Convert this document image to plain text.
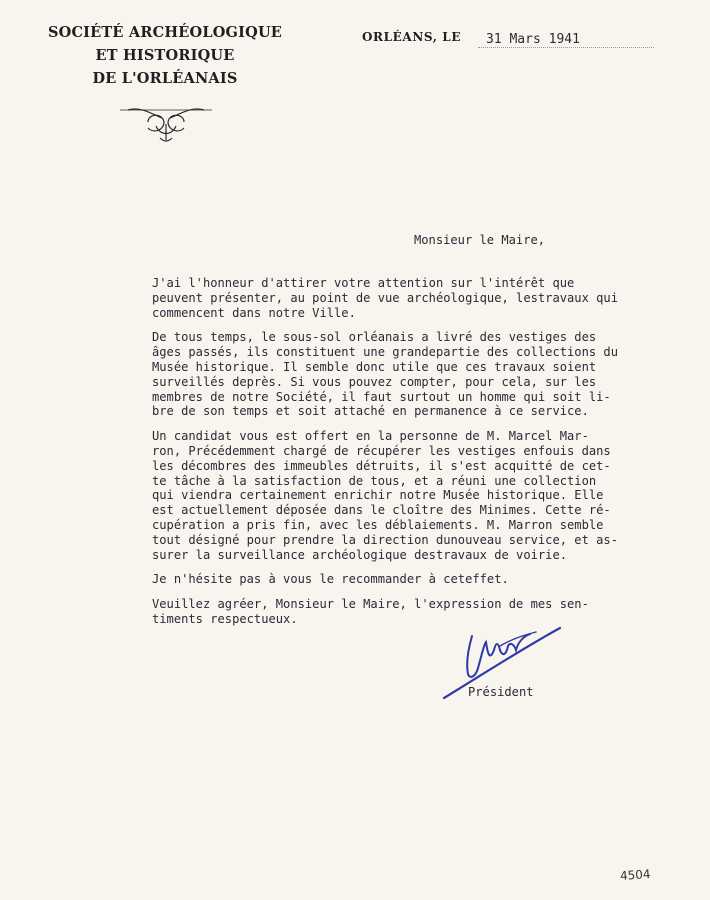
SOCIÉTÉ ARCHÉOLOGIQUE
ET HISTORIQUE
DE L'ORLÉANAIS
ORLÉANS, LE 31 Mars 1941
Monsieur le Maire,

J'ai l'honneur d'attirer votre attention sur l'intérêt que
peuvent présenter, au point de vue archéologique, lestravaux qui
commencent dans notre Ville.

De tous temps, le sous-sol orléanais a livré des vestiges des
âges passés, ils constituent une grandepartie des collections du
Musée historique. Il semble donc utile que ces travaux soient
surveillés deprès. Si vous pouvez compter, pour cela, sur les
membres de notre Société, il faut surtout un homme qui soit li-
bre de son temps et soit attaché en permanence à ce service.

Un candidat vous est offert en la personne de M. Marcel Mar-
ron, Précédemment chargé de récupérer les vestiges enfouis dans
les décombres des immeubles détruits, il s'est acquitté de cet-
te tâche à la satisfaction de tous, et a réuni une collection
qui viendra certainement enrichir notre Musée historique. Elle
est actuellement déposée dans le cloître des Minimes. Cette ré-
cupération a pris fin, avec les déblaiements. M. Marron semble
tout désigné pour prendre la direction dunouveau service, et as-
surer la surveillance archéologique destravaux de voirie.

Je n'hésite pas à vous le recommander à ceteffet.

Veuillez agréer, Monsieur le Maire, l'expression de mes sen-
timents respectueux.

Président
4504
